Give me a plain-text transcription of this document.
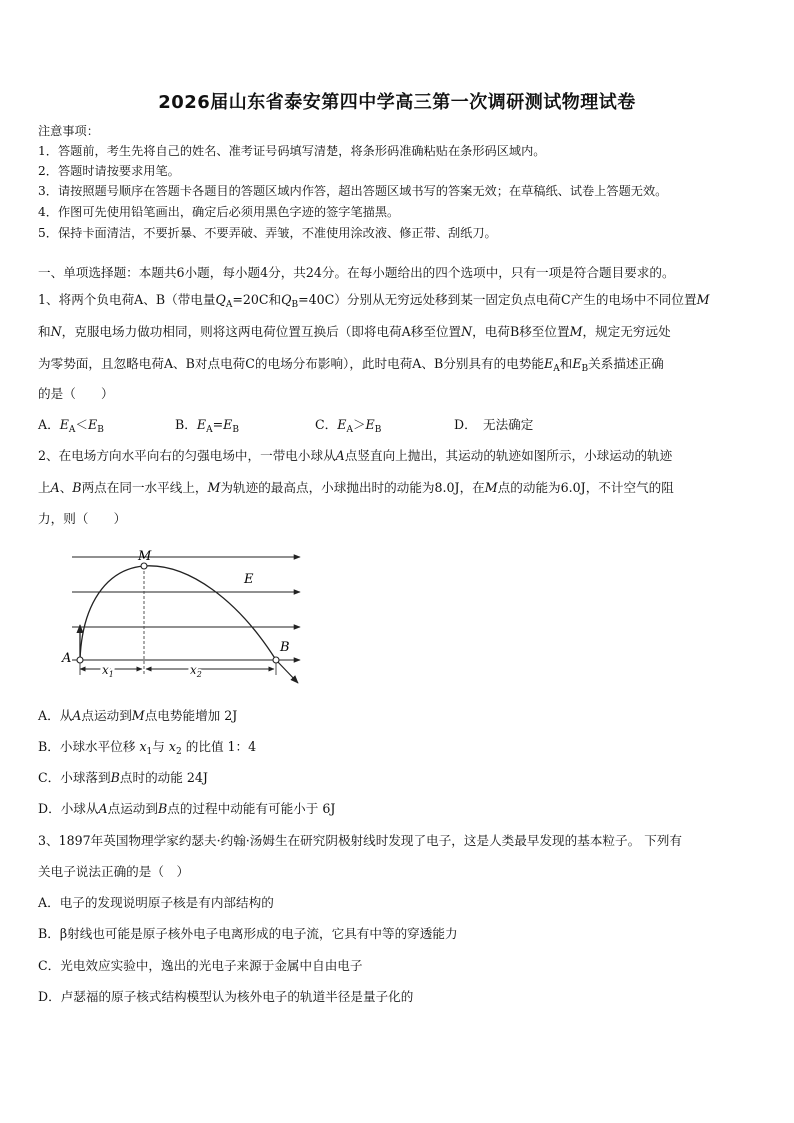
2026届山东省泰安第四中学高三第一次调研测试物理试卷
注意事项：
1．答题前，考生先将自己的姓名、准考证号码填写清楚，将条形码准确粘贴在条形码区域内。
2．答题时请按要求用笔。
3．请按照题号顺序在答题卡各题目的答题区域内作答，超出答题区域书写的答案无效；在草稿纸、试卷上答题无效。
4．作图可先使用铅笔画出，确定后必须用黑色字迹的签字笔描黑。
5．保持卡面清洁，不要折暴、不要弄破、弄皱，不准使用涂改液、修正带、刮纸刀。
一、单项选择题：本题共6小题，每小题4分，共24分。在每小题给出的四个选项中，只有一项是符合题目要求的。
1、将两个负电荷A、B（带电量$Q_A=20C$和$Q_B=40C$）分别从无穷远处移到某一固定负点电荷C产生的电场中不同位置M
和N，克服电场力做功相同，则将这两电荷位置互换后（即将电荷A移至位置N，电荷B移至位置M，规定无穷远处
为零势面，且忽略电荷A、B对点电荷C的电场分布影响），此时电荷A、B分别具有的电势能$E_A$和$E_B$关系描述正确
的是（　　）
A．$E_A<E_B$	B．$E_A=E_B$	C．$E_A>E_B$	D．　无法确定
2、在电场方向水平向右的匀强电场中，一带电小球从A点竖直向上抛出，其运动的轨迹如图所示，小球运动的轨迹
上A、B两点在同一水平线上，M为轨迹的最高点，小球抛出时的动能为8.0J，在M点的动能为6.0J，不计空气的阻
力，则（　　）
M
E
A
B
$x_1$	$x_2$
A．从A点运动到M点电势能增加 2J
B．小球水平位移 $x_1$与 $x_2$ 的比值 1：4
C．小球落到B点时的动能 24J
D．小球从A点运动到B点的过程中动能有可能小于 6J
3、1897年英国物理学家约瑟夫·约翰·汤姆生在研究阴极射线时发现了电子，这是人类最早发现的基本粒子。 下列有
关电子说法正确的是（　）
A．电子的发现说明原子核是有内部结构的
B．β射线也可能是原子核外电子电离形成的电子流，它具有中等的穿透能力
C．光电效应实验中，逸出的光电子来源于金属中自由电子
D．卢瑟福的原子核式结构模型认为核外电子的轨道半径是量子化的
